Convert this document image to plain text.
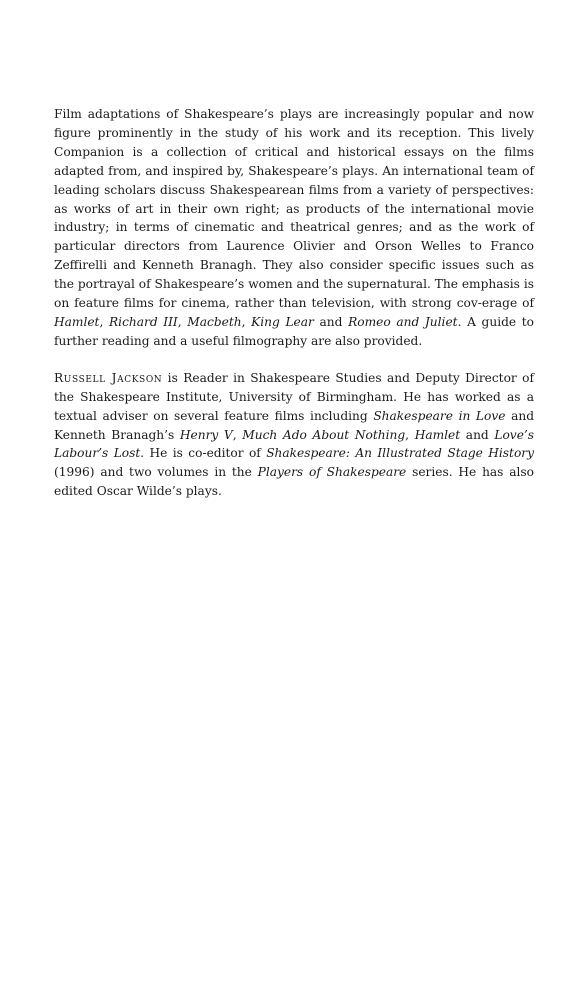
Film adaptations of Shakespeare’s plays are increasingly popular and now figure prominently in the study of his work and its reception. This lively Companion is a collection of critical and historical essays on the films adapted from, and inspired by, Shakespeare’s plays. An international team of leading scholars discuss Shakespearean films from a variety of perspectives: as works of art in their own right; as products of the international movie industry; in terms of cinematic and theatrical genres; and as the work of particular directors from Laurence Olivier and Orson Welles to Franco Zeffirelli and Kenneth Branagh. They also consider specific issues such as the portrayal of Shakespeare’s women and the supernatural. The emphasis is on feature films for cinema, rather than television, with strong cov-erage of Hamlet, Richard III, Macbeth, King Lear and Romeo and Juliet. A guide to further reading and a useful filmography are also provided.

Russell Jackson is Reader in Shakespeare Studies and Deputy Director of the Shakespeare Institute, University of Birmingham. He has worked as a textual adviser on several feature films including Shakespeare in Love and Kenneth Branagh’s Henry V, Much Ado About Nothing, Hamlet and Love’s Labour’s Lost. He is co-editor of Shakespeare: An Illustrated Stage History (1996) and two volumes in the Players of Shakespeare series. He has also edited Oscar Wilde’s plays.
